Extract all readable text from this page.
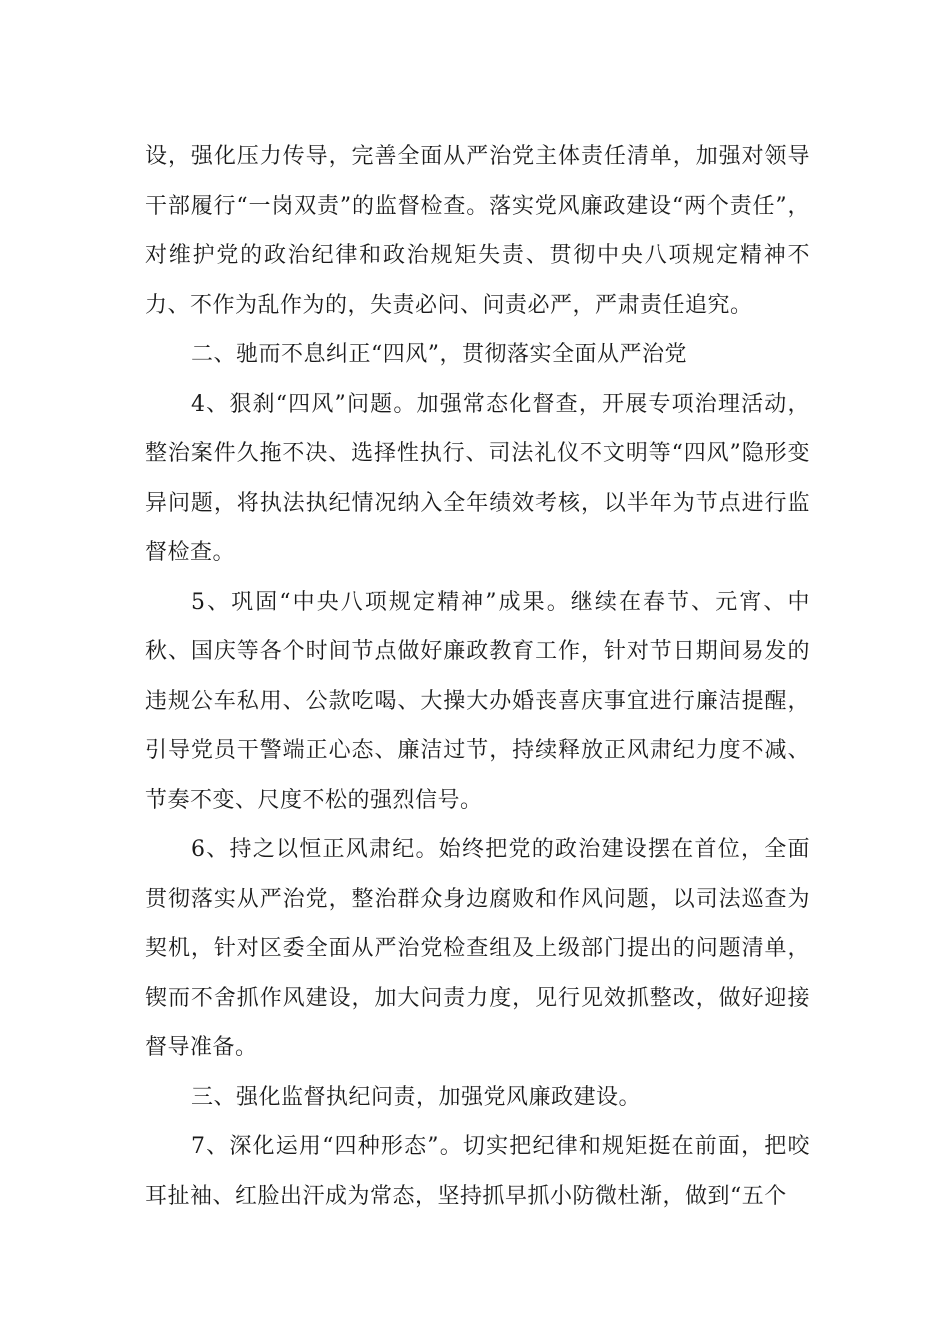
设，强化压力传导，完善全面从严治党主体责任清单，加强对领导干部履行“一岗双责”的监督检查。落实党风廉政建设“两个责任”，对维护党的政治纪律和政治规矩失责、贯彻中央八项规定精神不力、不作为乱作为的，失责必问、问责必严，严肃责任追究。

二、驰而不息纠正“四风”，贯彻落实全面从严治党

4、狠刹“四风”问题。加强常态化督查，开展专项治理活动，整治案件久拖不决、选择性执行、司法礼仪不文明等“四风”隐形变异问题，将执法执纪情况纳入全年绩效考核，以半年为节点进行监督检查。

5、巩固“中央八项规定精神”成果。继续在春节、元宵、中秋、国庆等各个时间节点做好廉政教育工作，针对节日期间易发的违规公车私用、公款吃喝、大操大办婚丧喜庆事宜进行廉洁提醒，引导党员干警端正心态、廉洁过节，持续释放正风肃纪力度不减、节奏不变、尺度不松的强烈信号。

6、持之以恒正风肃纪。始终把党的政治建设摆在首位，全面贯彻落实从严治党，整治群众身边腐败和作风问题，以司法巡查为契机，针对区委全面从严治党检查组及上级部门提出的问题清单，锲而不舍抓作风建设，加大问责力度，见行见效抓整改，做好迎接督导准备。

三、强化监督执纪问责，加强党风廉政建设。

7、深化运用“四种形态”。切实把纪律和规矩挺在前面，把咬耳扯袖、红脸出汗成为常态，坚持抓早抓小防微杜渐，做到“五个
